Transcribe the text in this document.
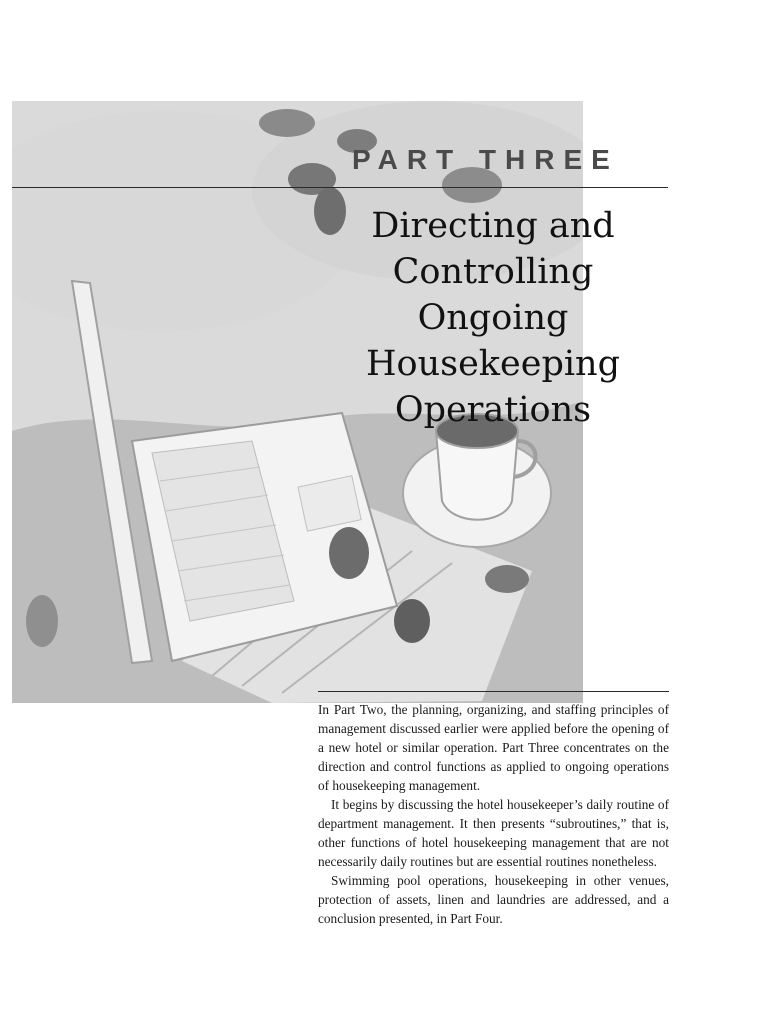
PART THREE
Directing and
Controlling
Ongoing
Housekeeping
Operations

In Part Two, the planning, organizing, and staffing principles of management discussed earlier were applied before the opening of a new hotel or similar operation. Part Three concentrates on the direction and control functions as applied to ongoing operations of housekeeping management.

It begins by discussing the hotel housekeeper’s daily routine of department management. It then presents “subroutines,” that is, other functions of hotel housekeeping management that are not necessarily daily routines but are essential routines nonetheless.

Swimming pool operations, housekeeping in other venues, protection of assets, linen and laundries are addressed, and a conclusion presented, in Part Four.
